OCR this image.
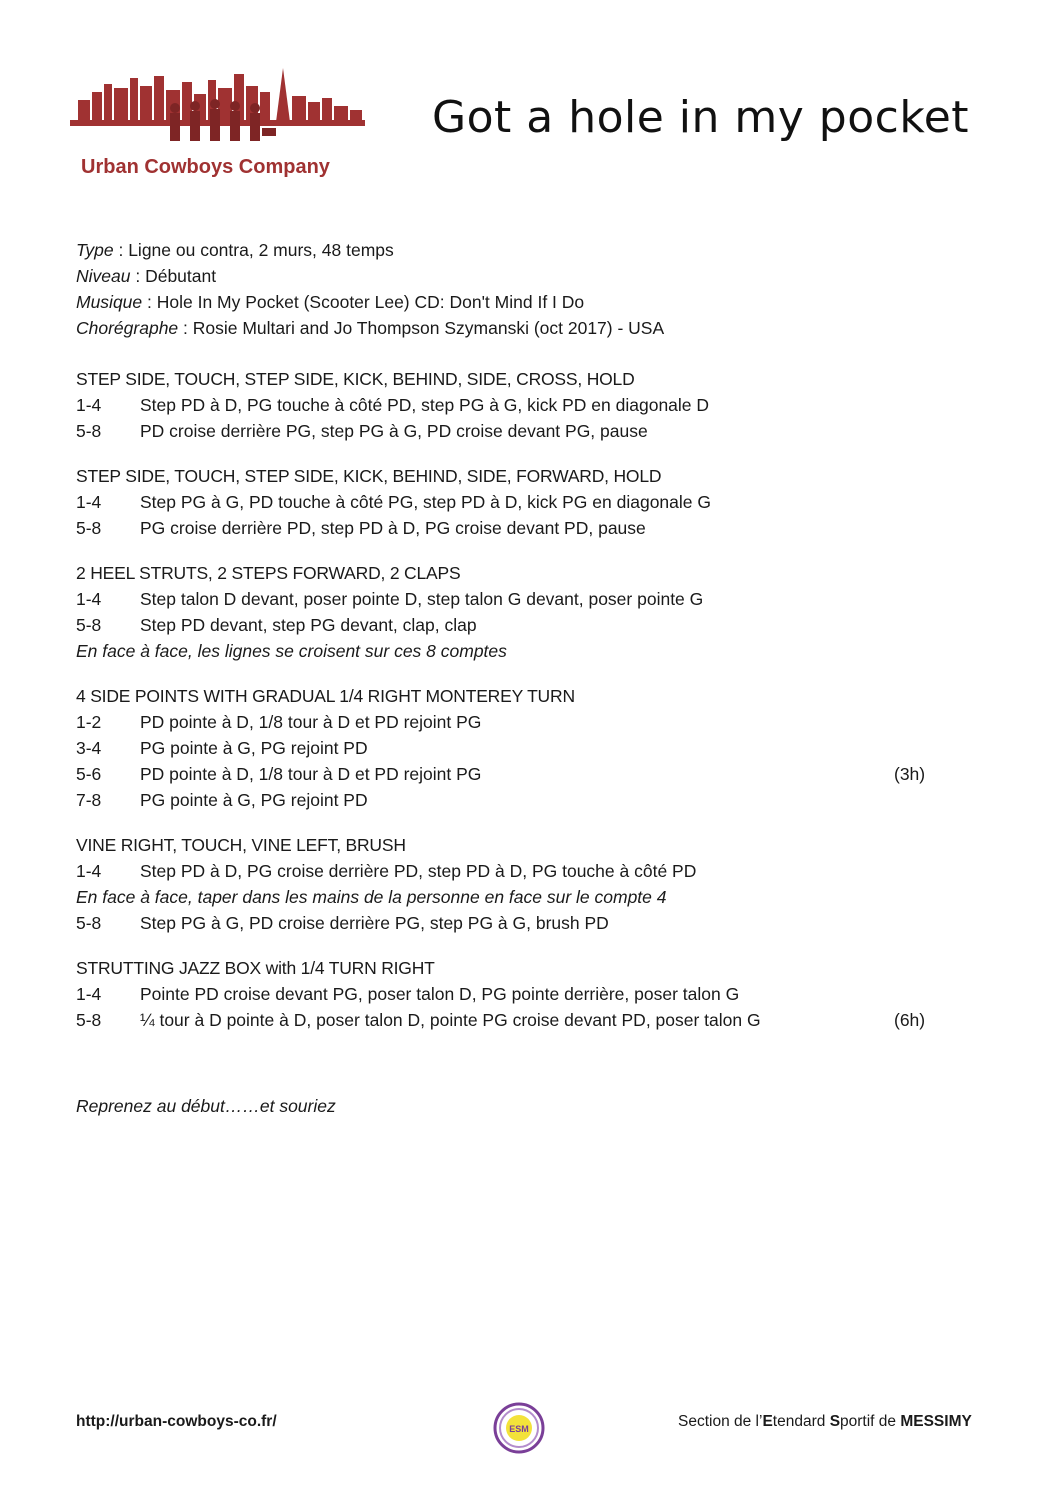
Urban Cowboys Company
Got a hole in my pocket
Type : Ligne ou contra, 2 murs, 48 temps
Niveau : Débutant
Musique : Hole In My Pocket (Scooter Lee) CD: Don't Mind If I Do
Chorégraphe : Rosie Multari and Jo Thompson Szymanski (oct 2017) - USA
STEP SIDE, TOUCH, STEP SIDE, KICK, BEHIND, SIDE, CROSS, HOLD
1-4 Step PD à D, PG touche à côté PD, step PG à G, kick PD en diagonale D
5-8 PD croise derrière PG, step PG à G, PD croise devant PG, pause
STEP SIDE, TOUCH, STEP SIDE, KICK, BEHIND, SIDE, FORWARD, HOLD
1-4 Step PG à G, PD touche à côté PG, step PD à D, kick PG en diagonale G
5-8 PG croise derrière PD, step PD à D, PG croise devant PD, pause
2 HEEL STRUTS, 2 STEPS FORWARD, 2 CLAPS
1-4 Step talon D devant, poser pointe D, step talon G devant, poser pointe G
5-8 Step PD devant, step PG devant, clap, clap
En face à face, les lignes se croisent sur ces 8 comptes
4 SIDE POINTS WITH GRADUAL 1/4 RIGHT MONTEREY TURN
1-2 PD pointe à D, 1/8 tour à D et PD rejoint PG
3-4 PG pointe à G, PG rejoint PD
5-6 PD pointe à D, 1/8 tour à D et PD rejoint PG	(3h)
7-8 PG pointe à G, PG rejoint PD
VINE RIGHT, TOUCH, VINE LEFT, BRUSH
1-4 Step PD à D, PG croise derrière PD, step PD à D, PG touche à côté PD
En face à face, taper dans les mains de la personne en face sur le compte 4
5-8 Step PG à G, PD croise derrière PG, step PG à G, brush PD
STRUTTING JAZZ BOX with 1/4 TURN RIGHT
1-4 Pointe PD croise devant PG, poser talon D, PG pointe derrière, poser talon G
5-8 ¼ tour à D pointe à D, poser talon D, pointe PG croise devant PD, poser talon G	(6h)
Reprenez au début……et souriez
http://urban-cowboys-co.fr/	ESM	Section de l’Etendard Sportif de MESSIMY
